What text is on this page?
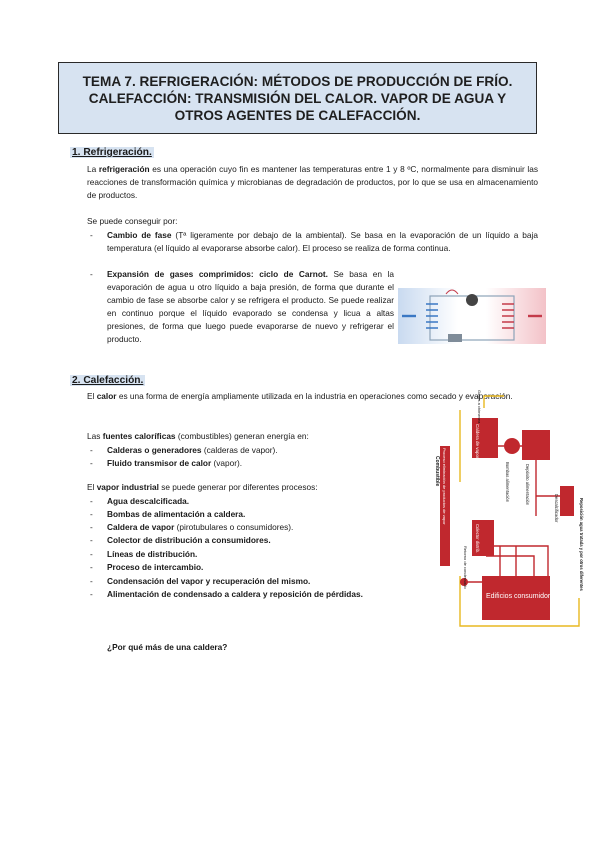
TEMA 7. REFRIGERACIÓN: MÉTODOS DE PRODUCCIÓN DE FRÍO.
CALEFACCIÓN: TRANSMISIÓN DEL CALOR. VAPOR DE AGUA Y
OTROS AGENTES DE CALEFACCIÓN.
1. Refrigeración.
La refrigeración es una operación cuyo fin es mantener las temperaturas entre 1 y 8 ºC, normalmente para disminuir las reacciones de transformación química y microbianas de degradación de productos, por lo que se usa en almacenamiento de productos.
Se puede conseguir por:
- Cambio de fase (Tª ligeramente por debajo de la ambiental). Se basa en la evaporación de un líquido a baja temperatura (el líquido al evaporarse absorbe calor). El proceso se realiza de forma continua.
- Expansión de gases comprimidos: ciclo de Carnot. Se basa en la evaporación de agua u otro líquido a baja presión, de forma que durante el cambio de fase se absorbe calor y se refrigera el producto. Se puede realizar en continuo porque el líquido evaporado se condensa y licua a altas presiones, de forma que luego puede evaporarse de nuevo y refrigerar el producto.
2. Calefacción.
El calor es una forma de energía ampliamente utilizada en la industria en operaciones como secado y evaporación.
Las fuentes caloríficas (combustibles) generan energía en:
- Calderas o generadores (calderas de vapor).
- Fluido transmisor de calor (vapor).
El vapor industrial se puede generar por diferentes procesos:
- Agua descalcificada.
- Bombas de alimentación a caldera.
- Caldera de vapor (pirotubulares o consumidores).
- Colector de distribución a consumidores.
- Líneas de distribución.
- Proceso de intercambio.
- Condensación del vapor y recuperación del mismo.
- Alimentación de condensado a caldera y reposición de pérdidas.
¿Por qué más de una caldera?
Edificios consumidores
Combustible
Caldera de vapor
Bombas alimentación	Depósito alimentación
Descalcificador	Reposición agua tratada y por otros diferentes
Colector distrib.
Retorno de condensado
Proceso eliminación de productos de vapor
Gases a chimenea
